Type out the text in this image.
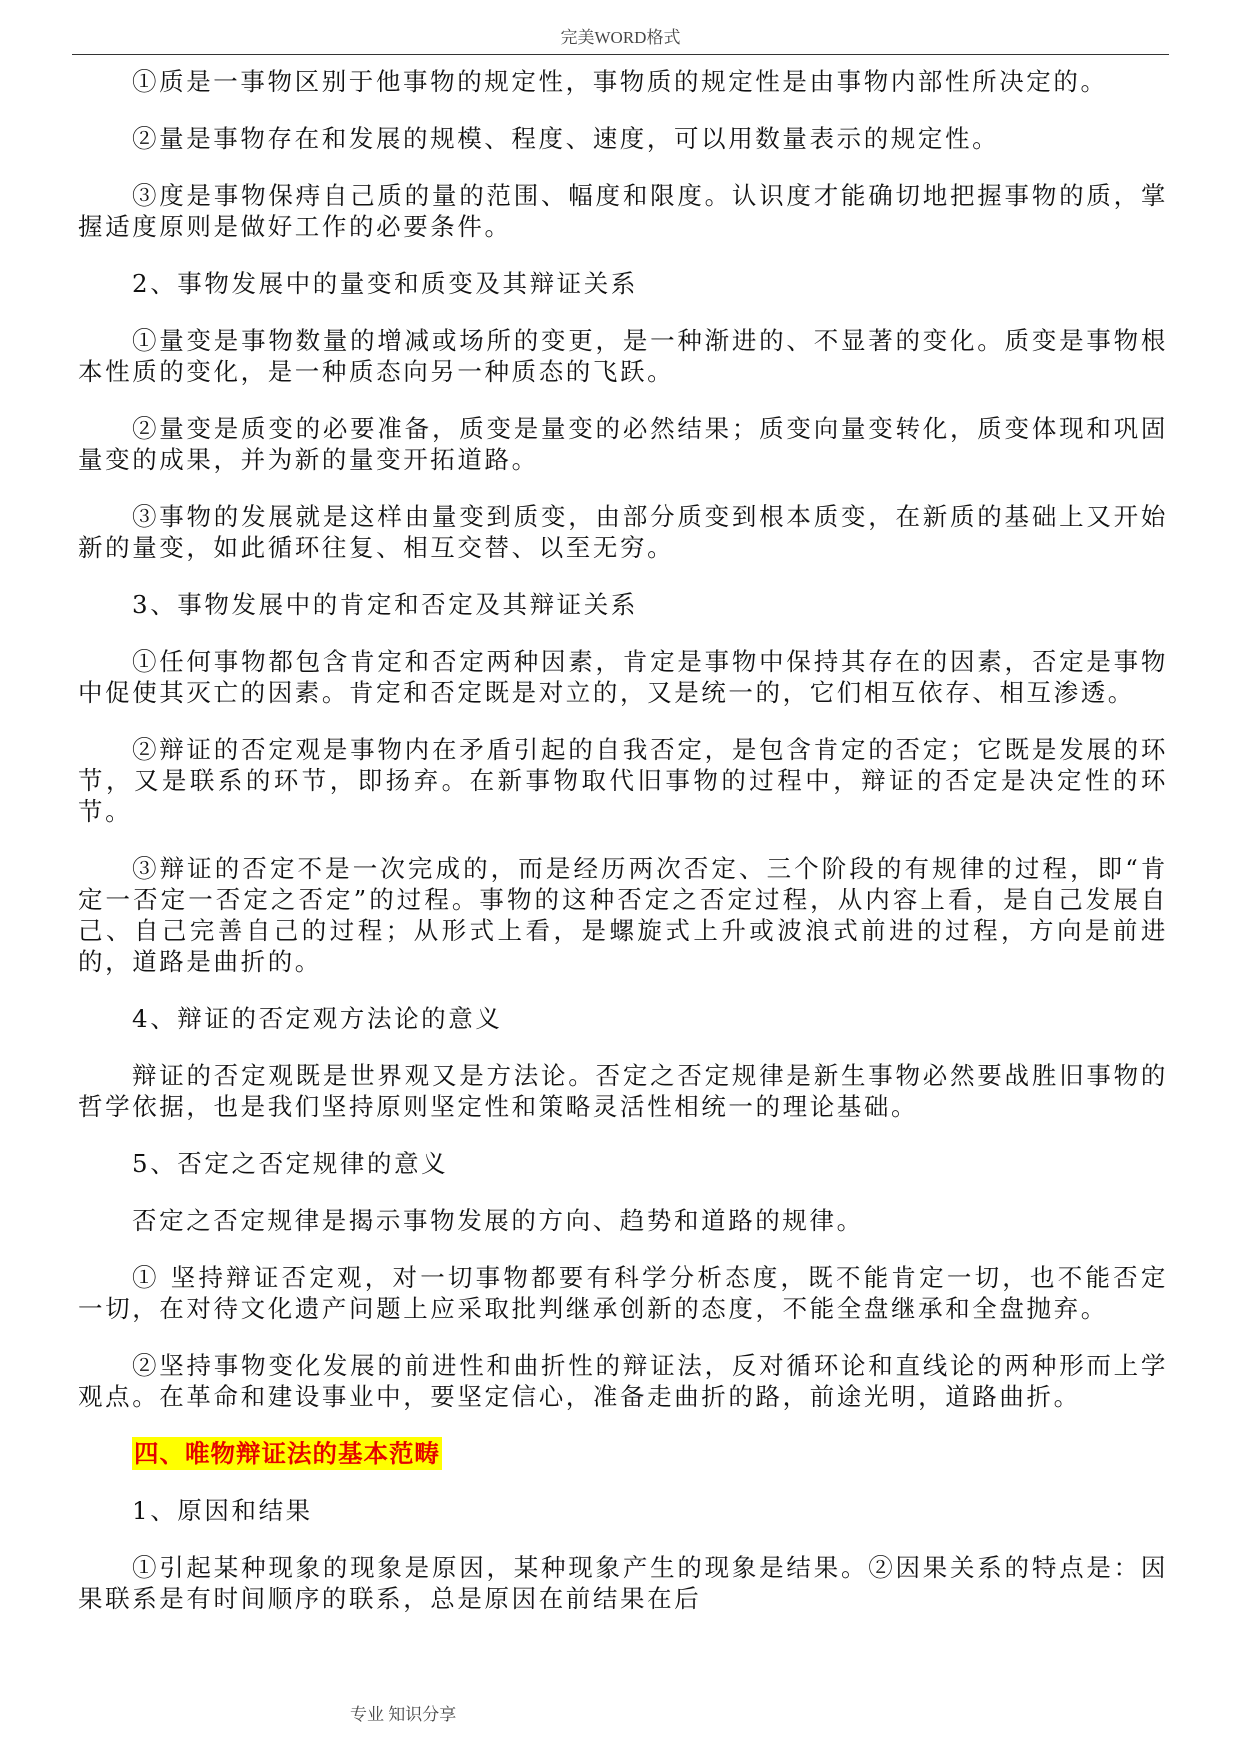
完美WORD格式

①质是一事物区别于他事物的规定性，事物质的规定性是由事物内部性所决定的。

②量是事物存在和发展的规模、程度、速度，可以用数量表示的规定性。

③度是事物保痔自己质的量的范围、幅度和限度。认识度才能确切地把握事物的质，掌握适度原则是做好工作的必要条件。

2、事物发展中的量变和质变及其辩证关系

①量变是事物数量的增减或场所的变更，是一种渐进的、不显著的变化。质变是事物根本性质的变化，是一种质态向另一种质态的飞跃。

②量变是质变的必要准备，质变是量变的必然结果；质变向量变转化，质变体现和巩固量变的成果，并为新的量变开拓道路。

③事物的发展就是这样由量变到质变，由部分质变到根本质变，在新质的基础上又开始新的量变，如此循环往复、相互交替、以至无穷。

3、事物发展中的肯定和否定及其辩证关系

①任何事物都包含肯定和否定两种因素，肯定是事物中保持其存在的因素，否定是事物中促使其灭亡的因素。肯定和否定既是对立的，又是统一的，它们相互依存、相互渗透。

②辩证的否定观是事物内在矛盾引起的自我否定，是包含肯定的否定；它既是发展的环节，又是联系的环节，即扬弃。在新事物取代旧事物的过程中，辩证的否定是决定性的环节。

③辩证的否定不是一次完成的，而是经历两次否定、三个阶段的有规律的过程，即“肯定一否定一否定之否定”的过程。事物的这种否定之否定过程，从内容上看，是自己发展自己、自己完善自己的过程；从形式上看，是螺旋式上升或波浪式前进的过程，方向是前进的，道路是曲折的。

4、辩证的否定观方法论的意义

辩证的否定观既是世界观又是方法论。否定之否定规律是新生事物必然要战胜旧事物的哲学依据，也是我们坚持原则坚定性和策略灵活性相统一的理论基础。

5、否定之否定规律的意义

否定之否定规律是揭示事物发展的方向、趋势和道路的规律。

① 坚持辩证否定观，对一切事物都要有科学分析态度，既不能肯定一切，也不能否定一切，在对待文化遗产问题上应采取批判继承创新的态度，不能全盘继承和全盘抛弃。

②坚持事物变化发展的前进性和曲折性的辩证法，反对循环论和直线论的两种形而上学观点。在革命和建设事业中，要坚定信心，准备走曲折的路，前途光明，道路曲折。

四、唯物辩证法的基本范畴

1、原因和结果

①引起某种现象的现象是原因，某种现象产生的现象是结果。②因果关系的特点是：因果联系是有时间顺序的联系，总是原因在前结果在后

专业 知识分享
